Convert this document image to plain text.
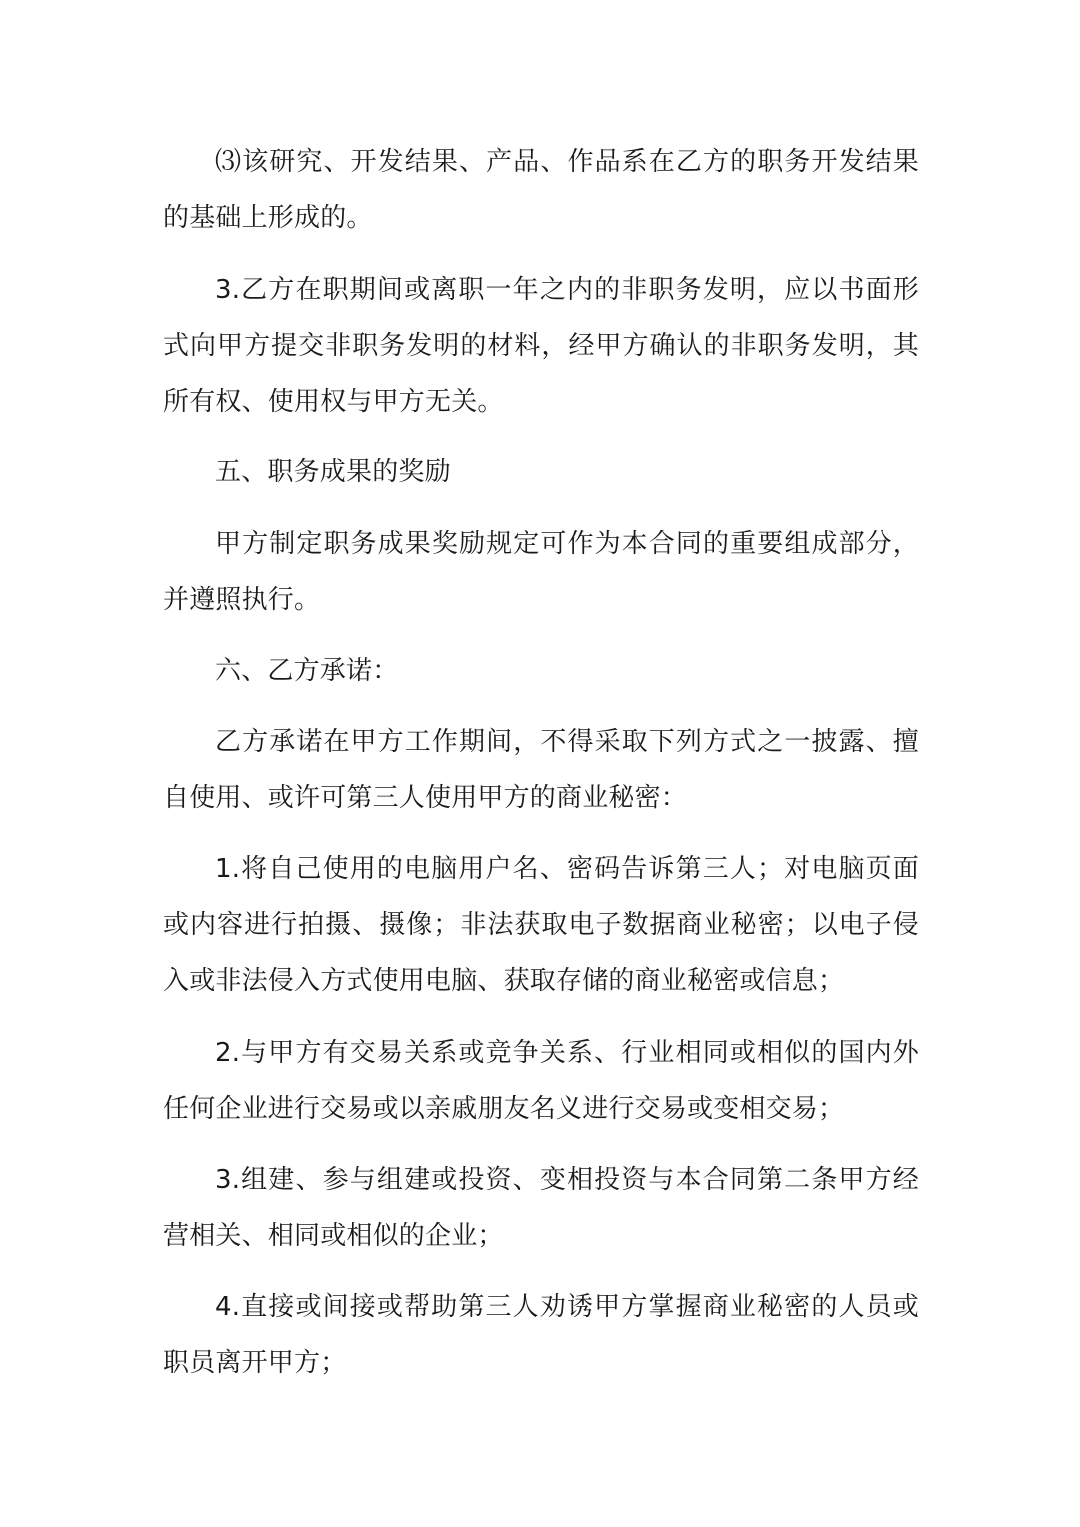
⑶该研究、开发结果、产品、作品系在乙方的职务开发结果的基础上形成的。

3.乙方在职期间或离职一年之内的非职务发明，应以书面形式向甲方提交非职务发明的材料，经甲方确认的非职务发明，其所有权、使用权与甲方无关。

五、职务成果的奖励

甲方制定职务成果奖励规定可作为本合同的重要组成部分，并遵照执行。

六、乙方承诺：

乙方承诺在甲方工作期间，不得采取下列方式之一披露、擅自使用、或许可第三人使用甲方的商业秘密：

1.将自己使用的电脑用户名、密码告诉第三人；对电脑页面或内容进行拍摄、摄像；非法获取电子数据商业秘密；以电子侵入或非法侵入方式使用电脑、获取存储的商业秘密或信息；

2.与甲方有交易关系或竞争关系、行业相同或相似的国内外任何企业进行交易或以亲戚朋友名义进行交易或变相交易；

3.组建、参与组建或投资、变相投资与本合同第二条甲方经营相关、相同或相似的企业；

4.直接或间接或帮助第三人劝诱甲方掌握商业秘密的人员或职员离开甲方；
